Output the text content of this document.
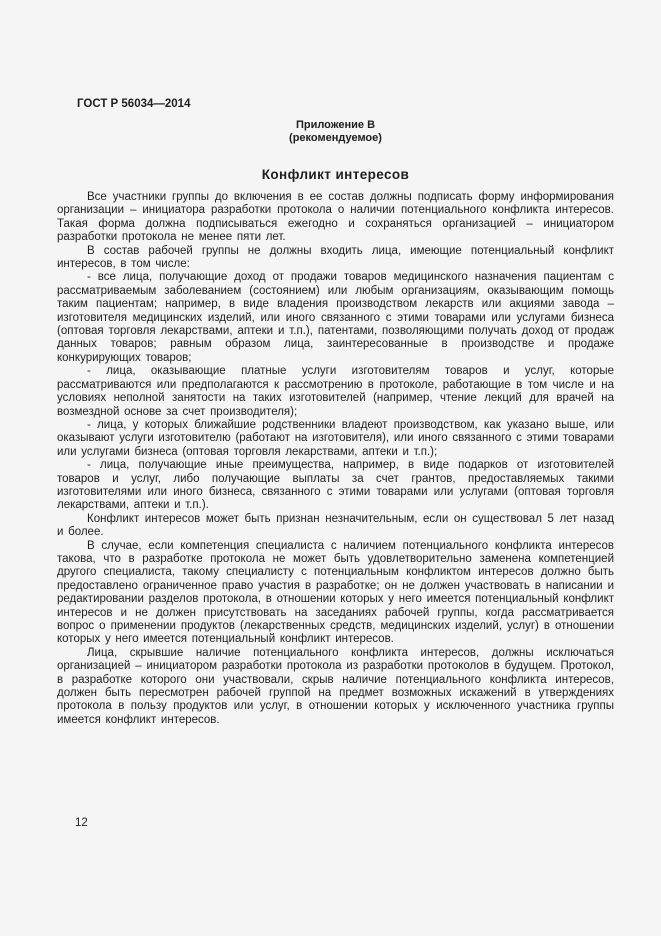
ГОСТ Р 56034—2014
Приложение В
(рекомендуемое)
Конфликт интересов

Все участники группы до включения в ее состав должны подписать форму информирования организации – инициатора разработки протокола о наличии потенциального конфликта интересов. Такая форма должна подписываться ежегодно и сохраняться организацией – инициатором разработки протокола не менее пяти лет.

В состав рабочей группы не должны входить лица, имеющие потенциальный конфликт интересов, в том числе:

- все лица, получающие доход от продажи товаров медицинского назначения пациентам с рассматриваемым заболеванием (состоянием) или любым организациям, оказывающим помощь таким пациентам; например, в виде владения производством лекарств или акциями завода – изготовителя медицинских изделий, или иного связанного с этими товарами или услугами бизнеса (оптовая торговля лекарствами, аптеки и т.п.), патентами, позволяющими получать доход от продаж данных товаров; равным образом лица, заинтересованные в производстве и продаже конкурирующих товаров;

- лица, оказывающие платные услуги изготовителям товаров и услуг, которые рассматриваются или предполагаются к рассмотрению в протоколе, работающие в том числе и на условиях неполной занятости на таких изготовителей (например, чтение лекций для врачей на возмездной основе за счет производителя);

- лица, у которых ближайшие родственники владеют производством, как указано выше, или оказывают услуги изготовителю (работают на изготовителя), или иного связанного с этими товарами или услугами бизнеса (оптовая торговля лекарствами, аптеки и т.п.);

- лица, получающие иные преимущества, например, в виде подарков от изготовителей товаров и услуг, либо получающие выплаты за счет грантов, предоставляемых такими изготовителями или иного бизнеса, связанного с этими товарами или услугами (оптовая торговля лекарствами, аптеки и т.п.).

Конфликт интересов может быть признан незначительным, если он существовал 5 лет назад и более.

В случае, если компетенция специалиста с наличием потенциального конфликта интересов такова, что в разработке протокола не может быть удовлетворительно заменена компетенцией другого специалиста, такому специалисту с потенциальным конфликтом интересов должно быть предоставлено ограниченное право участия в разработке; он не должен участвовать в написании и редактировании разделов протокола, в отношении которых у него имеется потенциальный конфликт интересов и не должен присутствовать на заседаниях рабочей группы, когда рассматривается вопрос о применении продуктов (лекарственных средств, медицинских изделий, услуг) в отношении которых у него имеется потенциальный конфликт интересов.

Лица, скрывшие наличие потенциального конфликта интересов, должны исключаться организацией – инициатором разработки протокола из разработки протоколов в будущем. Протокол, в разработке которого они участвовали, скрыв наличие потенциального конфликта интересов, должен быть пересмотрен рабочей группой на предмет возможных искажений в утверждениях протокола в пользу продуктов или услуг, в отношении которых у исключенного участника группы имеется конфликт интересов.

12
